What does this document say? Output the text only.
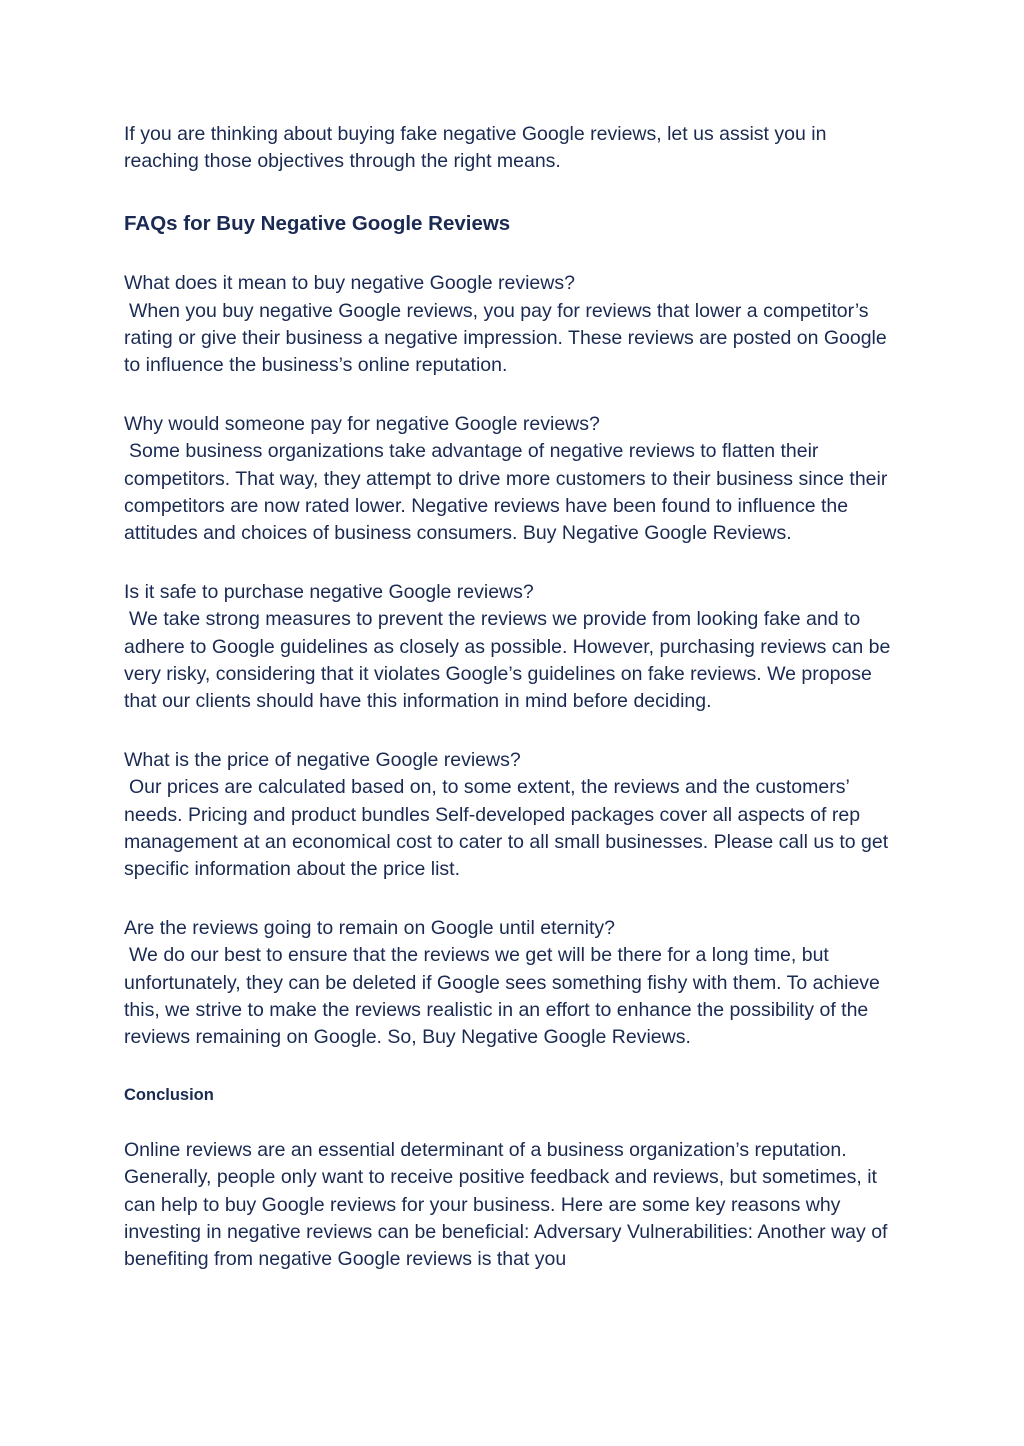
If you are thinking about buying fake negative Google reviews, let us assist you in reaching those objectives through the right means.

FAQs for Buy Negative Google Reviews
What does it mean to buy negative Google reviews?
When you buy negative Google reviews, you pay for reviews that lower a competitor’s rating or give their business a negative impression. These reviews are posted on Google to influence the business’s online reputation.
Why would someone pay for negative Google reviews?
Some business organizations take advantage of negative reviews to flatten their competitors. That way, they attempt to drive more customers to their business since their competitors are now rated lower. Negative reviews have been found to influence the attitudes and choices of business consumers. Buy Negative Google Reviews.
Is it safe to purchase negative Google reviews?
We take strong measures to prevent the reviews we provide from looking fake and to adhere to Google guidelines as closely as possible. However, purchasing reviews can be very risky, considering that it violates Google’s guidelines on fake reviews. We propose that our clients should have this information in mind before deciding.
What is the price of negative Google reviews?
Our prices are calculated based on, to some extent, the reviews and the customers’ needs. Pricing and product bundles Self-developed packages cover all aspects of rep management at an economical cost to cater to all small businesses. Please call us to get specific information about the price list.
Are the reviews going to remain on Google until eternity?
We do our best to ensure that the reviews we get will be there for a long time, but unfortunately, they can be deleted if Google sees something fishy with them. To achieve this, we strive to make the reviews realistic in an effort to enhance the possibility of the reviews remaining on Google. So, Buy Negative Google Reviews.
Conclusion

Online reviews are an essential determinant of a business organization’s reputation. Generally, people only want to receive positive feedback and reviews, but sometimes, it can help to buy Google reviews for your business. Here are some key reasons why investing in negative reviews can be beneficial: Adversary Vulnerabilities: Another way of benefiting from negative Google reviews is that you
